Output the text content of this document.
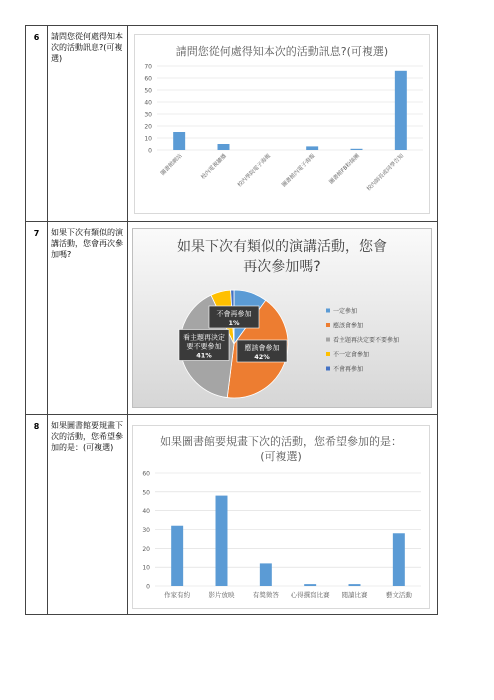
6	請問您從何處得知本次的活動訊息?(可複選)
請問您從何處得知本次的活動訊息?(可複選)
0
10
20
30
40
50
60
70
圖書館網站	校內電視牆播 校內學院電子海報 圖書館內電子海報 圖書館FB粉絲團 校內師長或同學告知
7	如果下次有類似的演講活動，您會再次參加嗎?	如果下次有類似的演講活動，您會再次參加嗎?
應該會參加
42%
看主題再決定
要不要參加
41%
不會再參加
1%
一定參加
應該會參加
看主題再決定要不要參加
不一定會參加
不會再參加
8	如果圖書館要規畫下次的活動，您希望參加的是：(可複選)	如果圖書館要規畫下次的活動，您希望參加的是：(可複選)
0
10
20
30
40
50
60
作家有約	影片放映	有獎徵答 心得撰寫比賽 閱讀比賽	藝文活動
